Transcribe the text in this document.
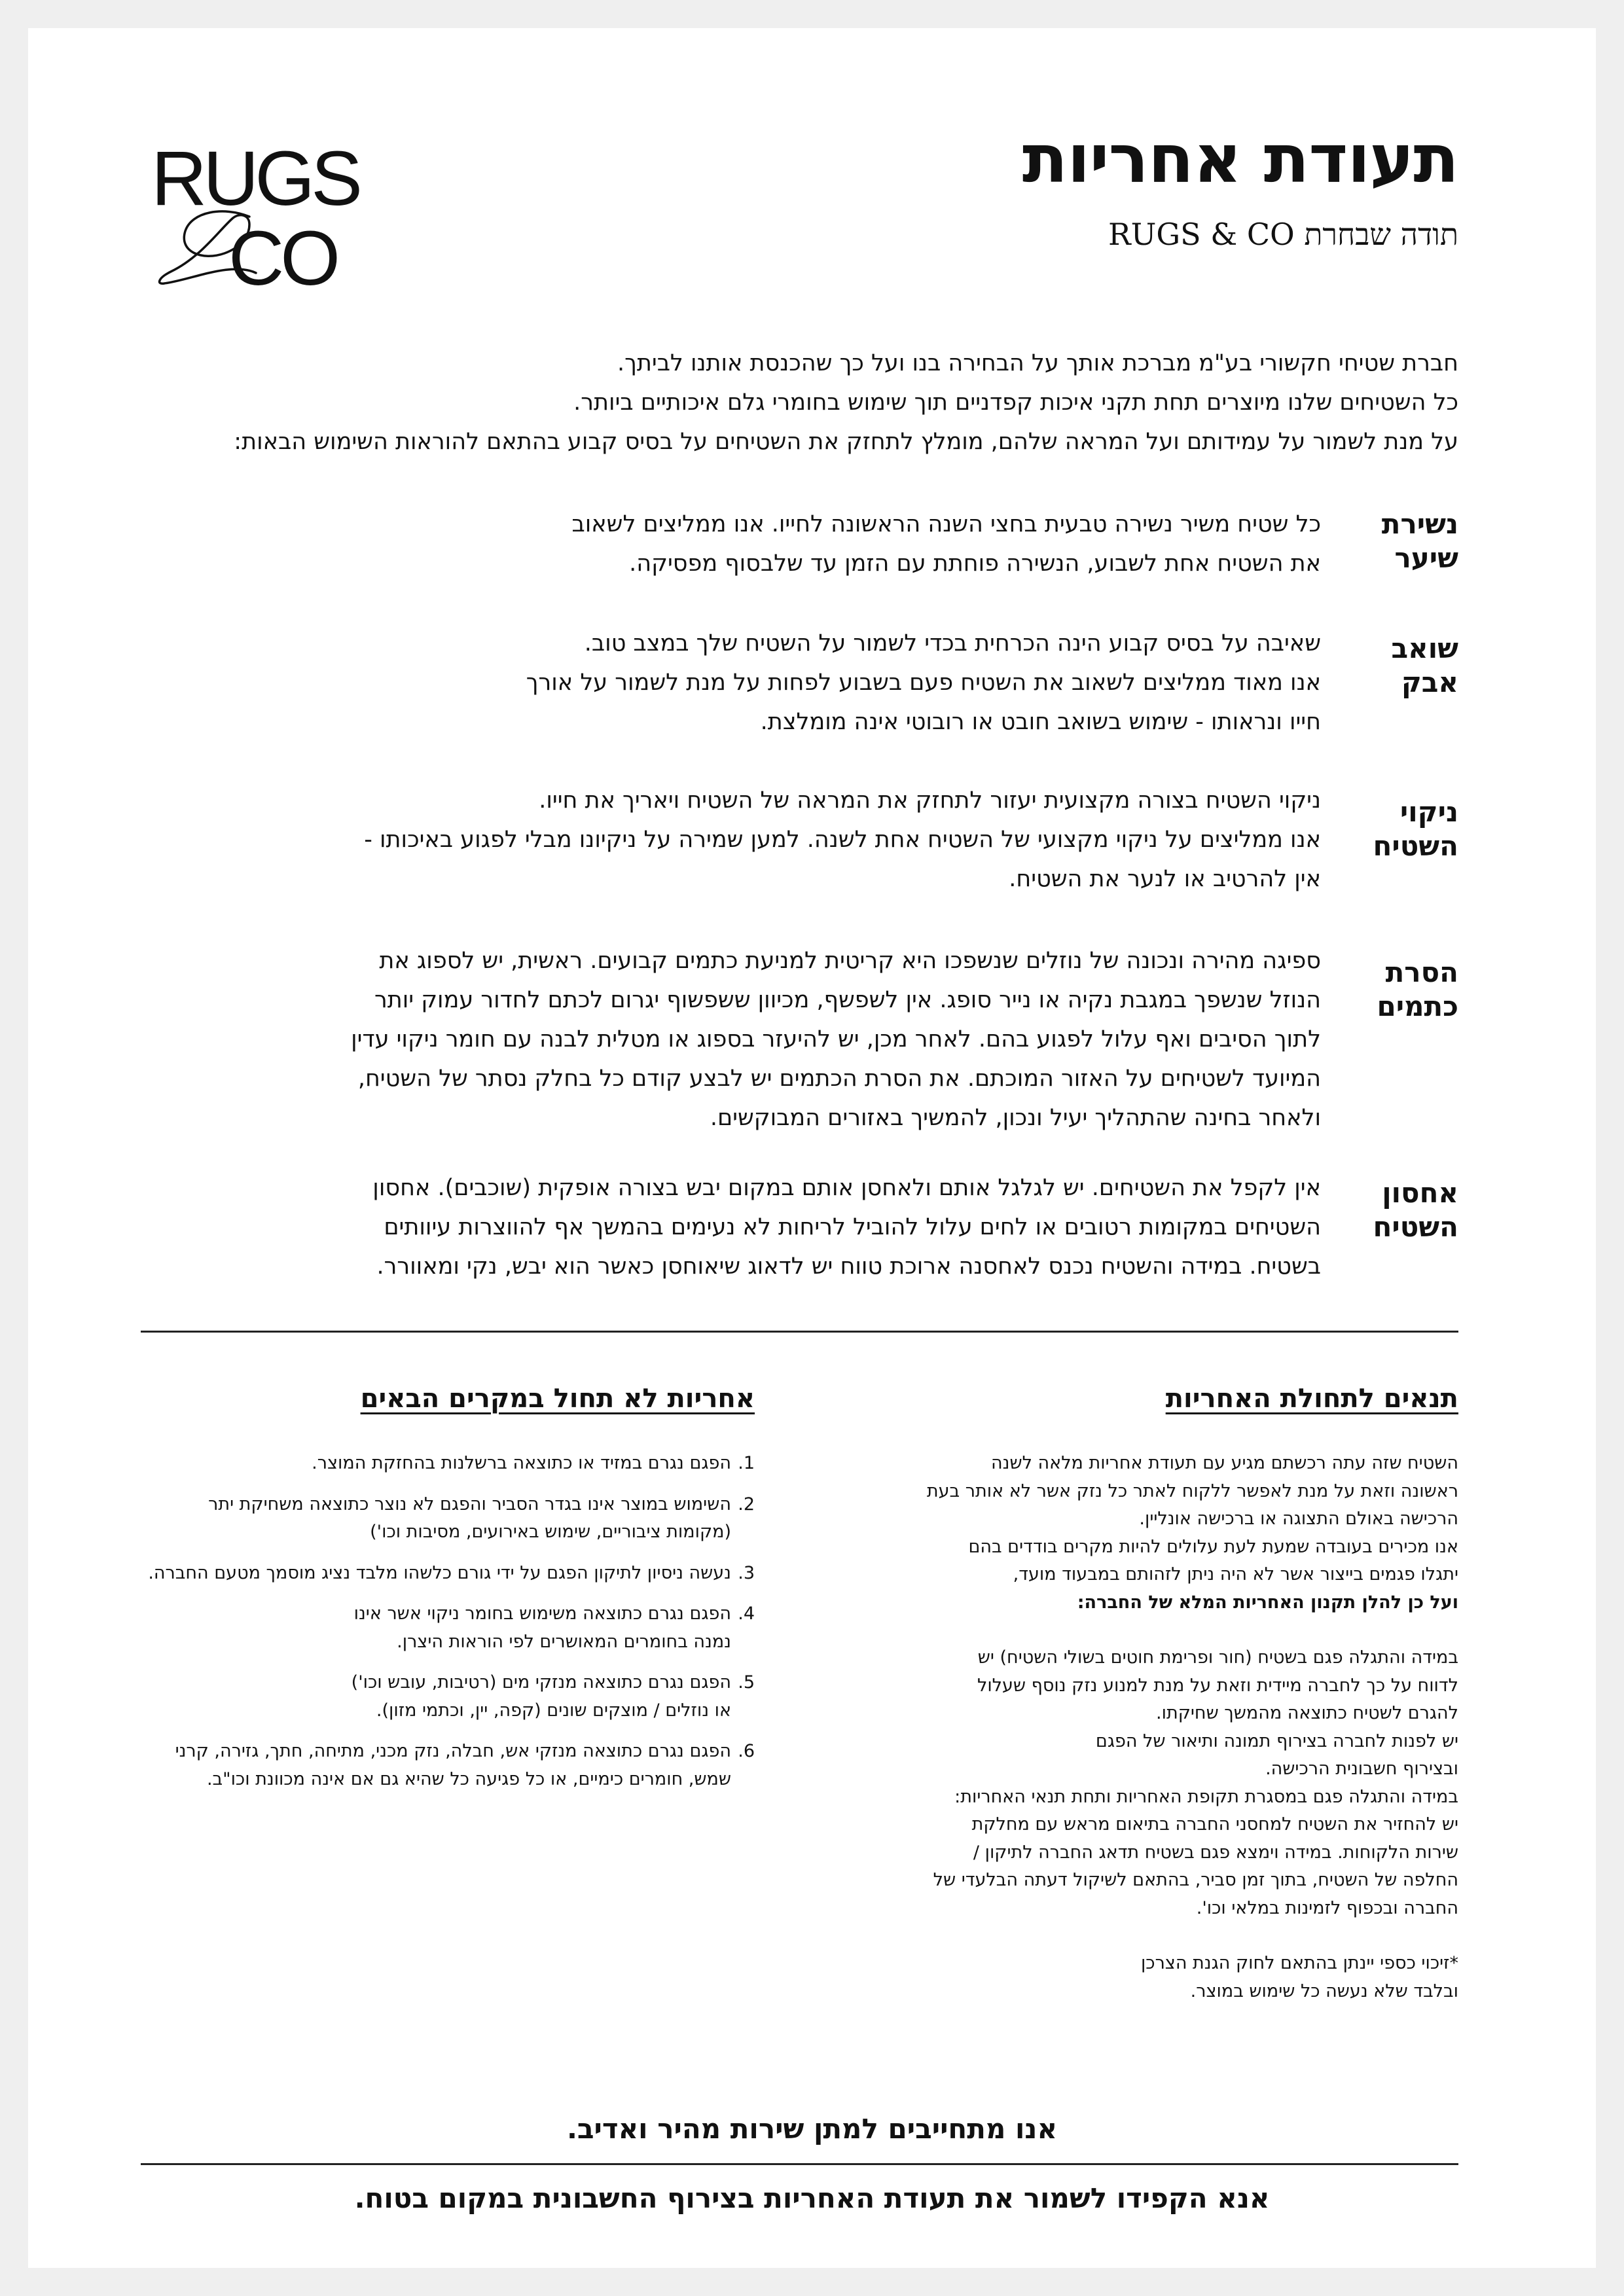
תעודת אחריות

תודה שבחרת RUGS & CO

RUGS
CO

חברת שטיחי חקשורי בע"מ מברכת אותך על הבחירה בנו ועל כך שהכנסת אותנו לביתך.

כל השטיחים שלנו מיוצרים תחת תקני איכות קפדניים תוך שימוש בחומרי גלם איכותיים ביותר.

על מנת לשמור על עמידותם ועל המראה שלהם, מומלץ לתחזק את השטיחים על בסיס קבוע בהתאם להוראות השימוש הבאות:

נשירת
שיער

כל שטיח משיר נשירה טבעית בחצי השנה הראשונה לחייו. אנו ממליצים לשאוב

את השטיח אחת לשבוע, הנשירה פוחתת עם הזמן עד שלבסוף מפסיקה.

שואב
אבק

שאיבה על בסיס קבוע הינה הכרחית בכדי לשמור על השטיח שלך במצב טוב.

אנו מאוד ממליצים לשאוב את השטיח פעם בשבוע לפחות על מנת לשמור על אורך

חייו ונראותו - שימוש בשואב חובט או רובוטי אינה מומלצת.

ניקוי
השטיח

ניקוי השטיח בצורה מקצועית יעזור לתחזק את המראה של השטיח ויאריך את חייו.

אנו ממליצים על ניקוי מקצועי של השטיח אחת לשנה. למען שמירה על ניקיונו מבלי לפגוע באיכותו -

אין להרטיב או לנער את השטיח.

הסרת
כתמים

ספיגה מהירה ונכונה של נוזלים שנשפכו היא קריטית למניעת כתמים קבועים. ראשית, יש לספוג את

הנוזל שנשפך במגבת נקיה או נייר סופג. אין לשפשף, מכיוון ששפשוף יגרום לכתם לחדור עמוק יותר

לתוך הסיבים ואף עלול לפגוע בהם. לאחר מכן, יש להיעזר בספוג או מטלית לבנה עם חומר ניקוי עדין

המיועד לשטיחים על האזור המוכתם. את הסרת הכתמים יש לבצע קודם כל בחלק נסתר של השטיח,

ולאחר בחינה שהתהליך יעיל ונכון, להמשיך באזורים המבוקשים.

אחסון
השטיח

אין לקפל את השטיחים. יש לגלגל אותם ולאחסן אותם במקום יבש בצורה אופקית (שוכבים). אחסון

השטיחים במקומות רטובים או לחים עלול להוביל לריחות לא נעימים בהמשך אף להווצרות עיוותים

בשטיח. במידה והשטיח נכנס לאחסנה ארוכת טווח יש לדאוג שיאוחסן כאשר הוא יבש, נקי ומאוורר.

תנאים לתחולת האחריות

השטיח שזה עתה רכשתם מגיע עם תעודת אחריות מלאה לשנה

ראשונה וזאת על מנת לאפשר ללקוח לאתר כל נזק אשר לא אותר בעת

הרכישה באולם התצוגה או ברכישה אונליין.

אנו מכירים בעובדה שמעת לעת עלולים להיות מקרים בודדים בהם

יתגלו פגמים בייצור אשר לא היה ניתן לזהותם במבעוד מועד,

ועל כן להלן תקנון האחריות המלא של החברה:

במידה והתגלה פגם בשטיח (חור ופרימת חוטים בשולי השטיח) יש

לדווח על כך לחברה מיידית וזאת על מנת למנוע נזק נוסף שעלול

להגרם לשטיח כתוצאה מהמשך שחיקתו.

יש לפנות לחברה בצירוף תמונה ותיאור של הפגם

ובצירוף חשבונית הרכישה.

במידה והתגלה פגם במסגרת תקופת האחריות ותחת תנאי האחריות:

יש להחזיר את השטיח למחסני החברה בתיאום מראש עם מחלקת

שירות הלקוחות. במידה וימצא פגם בשטיח תדאג החברה לתיקון /

החלפה של השטיח, בתוך זמן סביר, בהתאם לשיקול דעתה הבלעדי של

החברה ובכפוף לזמינות במלאי וכו'.

*זיכוי כספי יינתן בהתאם לחוק הגנת הצרכן

ובלבד שלא נעשה כל שימוש במוצר.

אחריות לא תחול במקרים הבאים
1.
הפגם נגרם במזיד או כתוצאה ברשלנות בהחזקת המוצר.
2.
השימוש במוצר אינו בגדר הסביר והפגם לא נוצר כתוצאה משחיקת יתר
(מקומות ציבוריים, שימוש באירועים, מסיבות וכו')
3.
נעשה ניסיון לתיקון הפגם על ידי גורם כלשהו מלבד נציג מוסמך מטעם החברה.
4.
הפגם נגרם כתוצאה משימוש בחומר ניקוי אשר אינו
נמנה בחומרים המאושרים לפי הוראות היצרן.
5.
הפגם נגרם כתוצאה מנזקי מים (רטיבות, עובש וכו')
או נוזלים / מוצקים שונים (קפה, יין, וכתמי מזון).
6.
הפגם נגרם כתוצאה מנזקי אש, חבלה, נזק מכני, מתיחה, חתך, גזירה, קרני
שמש, חומרים כימיים, או כל פגיעה כל שהיא גם אם אינה מכוונת וכו"ב.
אנו מתחייבים למתן שירות מהיר ואדיב.
אנא הקפידו לשמור את תעודת האחריות בצירוף החשבונית במקום בטוח.
